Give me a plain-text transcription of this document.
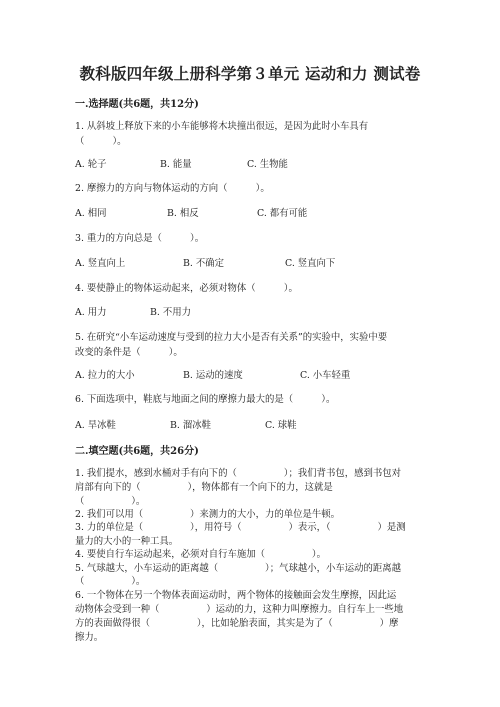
教科版四年级上册科学第３单元 运动和力 测试卷
一.选择题(共6题，共12分)
1. 从斜坡上释放下来的小车能够将木块撞出很远，是因为此时小车具有
（　　　）。
A. 轮子	B. 能量	C. 生物能
2. 摩擦力的方向与物体运动的方向（　　　）。
A. 相同	B. 相反	C. 都有可能
3. 重力的方向总是（　　　）。
A. 竖直向上	B. 不确定	C. 竖直向下
4. 要使静止的物体运动起来，必须对物体（　　　）。
A. 用力	B. 不用力
5. 在研究“小车运动速度与受到的拉力大小是否有关系”的实验中，实验中要
改变的条件是（　　　）。
A. 拉力的大小	B. 运动的速度	C. 小车轻重
6. 下面选项中，鞋底与地面之间的摩擦力最大的是（　　　）。
A. 旱冰鞋	B. 溜冰鞋	C. 球鞋
二.填空题(共6题，共26分)
1. 我们提水，感到水桶对手有向下的（　　　　　）；我们背书包，感到书包对
肩部有向下的（　　　　　），物体都有一个向下的力，这就是
（　　　　　）。
2. 我们可以用（　　　　　）来测力的大小，力的单位是牛顿。
3. 力的单位是（　　　　　），用符号（　　　　　）表示，（　　　　　）是测
量力的大小的一种工具。
4. 要使自行车运动起来，必须对自行车施加（　　　　　）。
5. 气球越大，小车运动的距离越（　　　　　）；气球越小，小车运动的距离越
（　　　　　）。
6. 一个物体在另一个物体表面运动时，两个物体的接触面会发生摩擦，因此运
动物体会受到一种（　　　　　）运动的力，这种力叫摩擦力。自行车上一些地
方的表面做得很（　　　　　），比如轮胎表面，其实是为了（　　　　　）摩
擦力。
